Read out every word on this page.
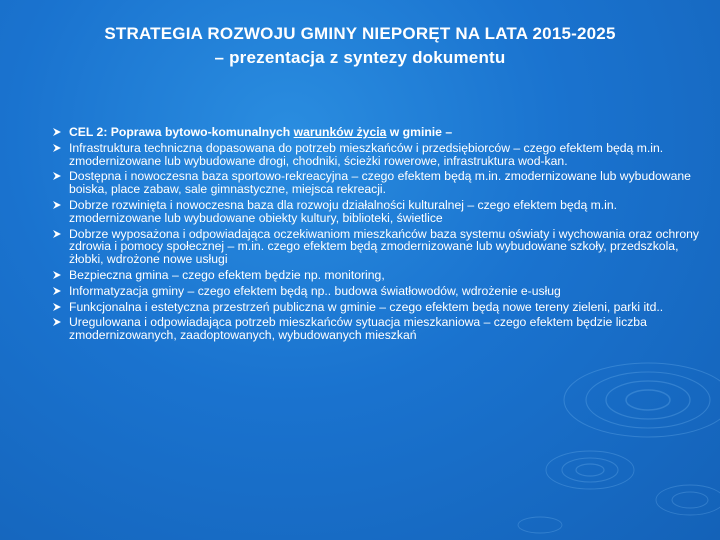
STRATEGIA ROZWOJU GMINY NIEPORĘT NA LATA 2015-2025
– prezentacja z syntezy dokumentu
CEL 2: Poprawa bytowo-komunalnych warunków życia w gminie –
Infrastruktura techniczna dopasowana do potrzeb mieszkańców i przedsiębiorców – czego efektem będą m.in. zmodernizowane lub wybudowane drogi, chodniki, ścieżki rowerowe, infrastruktura wod-kan.
Dostępna i nowoczesna baza sportowo-rekreacyjna – czego efektem będą m.in. zmodernizowane lub wybudowane boiska, place zabaw, sale gimnastyczne, miejsca rekreacji.
Dobrze rozwinięta i nowoczesna baza dla rozwoju działalności kulturalnej – czego efektem będą m.in. zmodernizowane lub wybudowane obiekty kultury, biblioteki, świetlice
Dobrze wyposażona i odpowiadająca oczekiwaniom mieszkańców baza systemu oświaty i wychowania oraz ochrony zdrowia i pomocy społecznej – m.in. czego efektem będą zmodernizowane lub wybudowane szkoły, przedszkola, żłobki, wdrożone nowe usługi
Bezpieczna gmina – czego efektem będzie np. monitoring,
Informatyzacja gminy – czego efektem będą np.. budowa światłowodów, wdrożenie e-usług
Funkcjonalna i estetyczna przestrzeń publiczna w gminie – czego efektem będą nowe tereny zieleni, parki itd..
Uregulowana i odpowiadająca potrzeb mieszkańców sytuacja mieszkaniowa – czego efektem będzie liczba zmodernizowanych, zaadoptowanych, wybudowanych mieszkań
